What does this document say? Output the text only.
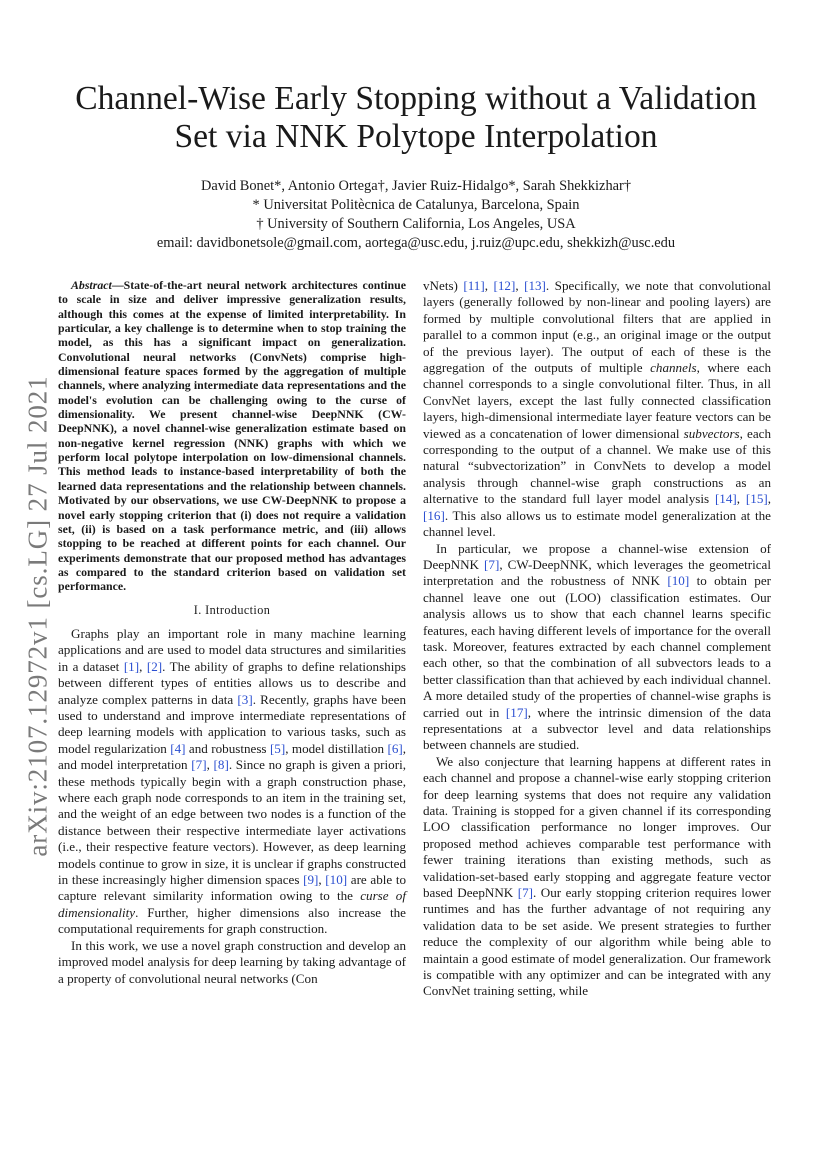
arXiv:2107.12972v1 [cs.LG] 27 Jul 2021
Channel-Wise Early Stopping without a Validation
Set via NNK Polytope Interpolation
David Bonet*, Antonio Ortega†, Javier Ruiz-Hidalgo*, Sarah Shekkizhar†
* Universitat Politècnica de Catalunya, Barcelona, Spain
† University of Southern California, Los Angeles, USA
email: davidbonetsole@gmail.com, aortega@usc.edu, j.ruiz@upc.edu, shekkizh@usc.edu

Abstract—State-of-the-art neural network architectures continue to scale in size and deliver impressive generalization results, although this comes at the expense of limited interpretability. In particular, a key challenge is to determine when to stop training the model, as this has a significant impact on generalization. Convolutional neural networks (ConvNets) comprise high-dimensional feature spaces formed by the aggregation of multiple channels, where analyzing intermediate data representations and the model's evolution can be challenging owing to the curse of dimensionality. We present channel-wise DeepNNK (CW-DeepNNK), a novel channel-wise generalization estimate based on non-negative kernel regression (NNK) graphs with which we perform local polytope interpolation on low-dimensional channels. This method leads to instance-based interpretability of both the learned data representations and the relationship between channels. Motivated by our observations, we use CW-DeepNNK to propose a novel early stopping criterion that (i) does not require a validation set, (ii) is based on a task performance metric, and (iii) allows stopping to be reached at different points for each channel. Our experiments demonstrate that our proposed method has advantages as compared to the standard criterion based on validation set performance.

I. Introduction

Graphs play an important role in many machine learning applications and are used to model data structures and similarities in a dataset [1], [2]. The ability of graphs to define relationships between different types of entities allows us to describe and analyze complex patterns in data [3]. Recently, graphs have been used to understand and improve intermediate representations of deep learning models with application to various tasks, such as model regularization [4] and robustness [5], model distillation [6], and model interpretation [7], [8]. Since no graph is given a priori, these methods typically begin with a graph construction phase, where each graph node corresponds to an item in the training set, and the weight of an edge between two nodes is a function of the distance between their respective intermediate layer activations (i.e., their respective feature vectors). However, as deep learning models continue to grow in size, it is unclear if graphs constructed in these increasingly higher dimension spaces [9], [10] are able to capture relevant similarity information owing to the curse of dimensionality. Further, higher dimensions also increase the computational requirements for graph construction.

In this work, we use a novel graph construction and develop an improved model analysis for deep learning by taking advantage of a property of convolutional neural networks (Con

vNets) [11], [12], [13]. Specifically, we note that convolutional layers (generally followed by non-linear and pooling layers) are formed by multiple convolutional filters that are applied in parallel to a common input (e.g., an original image or the output of the previous layer). The output of each of these is the aggregation of the outputs of multiple channels, where each channel corresponds to a single convolutional filter. Thus, in all ConvNet layers, except the last fully connected classification layers, high-dimensional intermediate layer feature vectors can be viewed as a concatenation of lower dimensional subvectors, each corresponding to the output of a channel. We make use of this natural “subvectorization” in ConvNets to develop a model analysis through channel-wise graph constructions as an alternative to the standard full layer model analysis [14], [15], [16]. This also allows us to estimate model generalization at the channel level.

In particular, we propose a channel-wise extension of DeepNNK [7], CW-DeepNNK, which leverages the geometrical interpretation and the robustness of NNK [10] to obtain per channel leave one out (LOO) classification estimates. Our analysis allows us to show that each channel learns specific features, each having different levels of importance for the overall task. Moreover, features extracted by each channel complement each other, so that the combination of all subvectors leads to a better classification than that achieved by each individual channel. A more detailed study of the properties of channel-wise graphs is carried out in [17], where the intrinsic dimension of the data representations at a subvector level and data relationships between channels are studied.

We also conjecture that learning happens at different rates in each channel and propose a channel-wise early stopping criterion for deep learning systems that does not require any validation data. Training is stopped for a given channel if its corresponding LOO classification performance no longer improves. Our proposed method achieves comparable test performance with fewer training iterations than existing methods, such as validation-set-based early stopping and aggregate feature vector based DeepNNK [7]. Our early stopping criterion requires lower runtimes and has the further advantage of not requiring any validation data to be set aside. We present strategies to further reduce the complexity of our algorithm while being able to maintain a good estimate of model generalization. Our framework is compatible with any optimizer and can be integrated with any ConvNet training setting, while
